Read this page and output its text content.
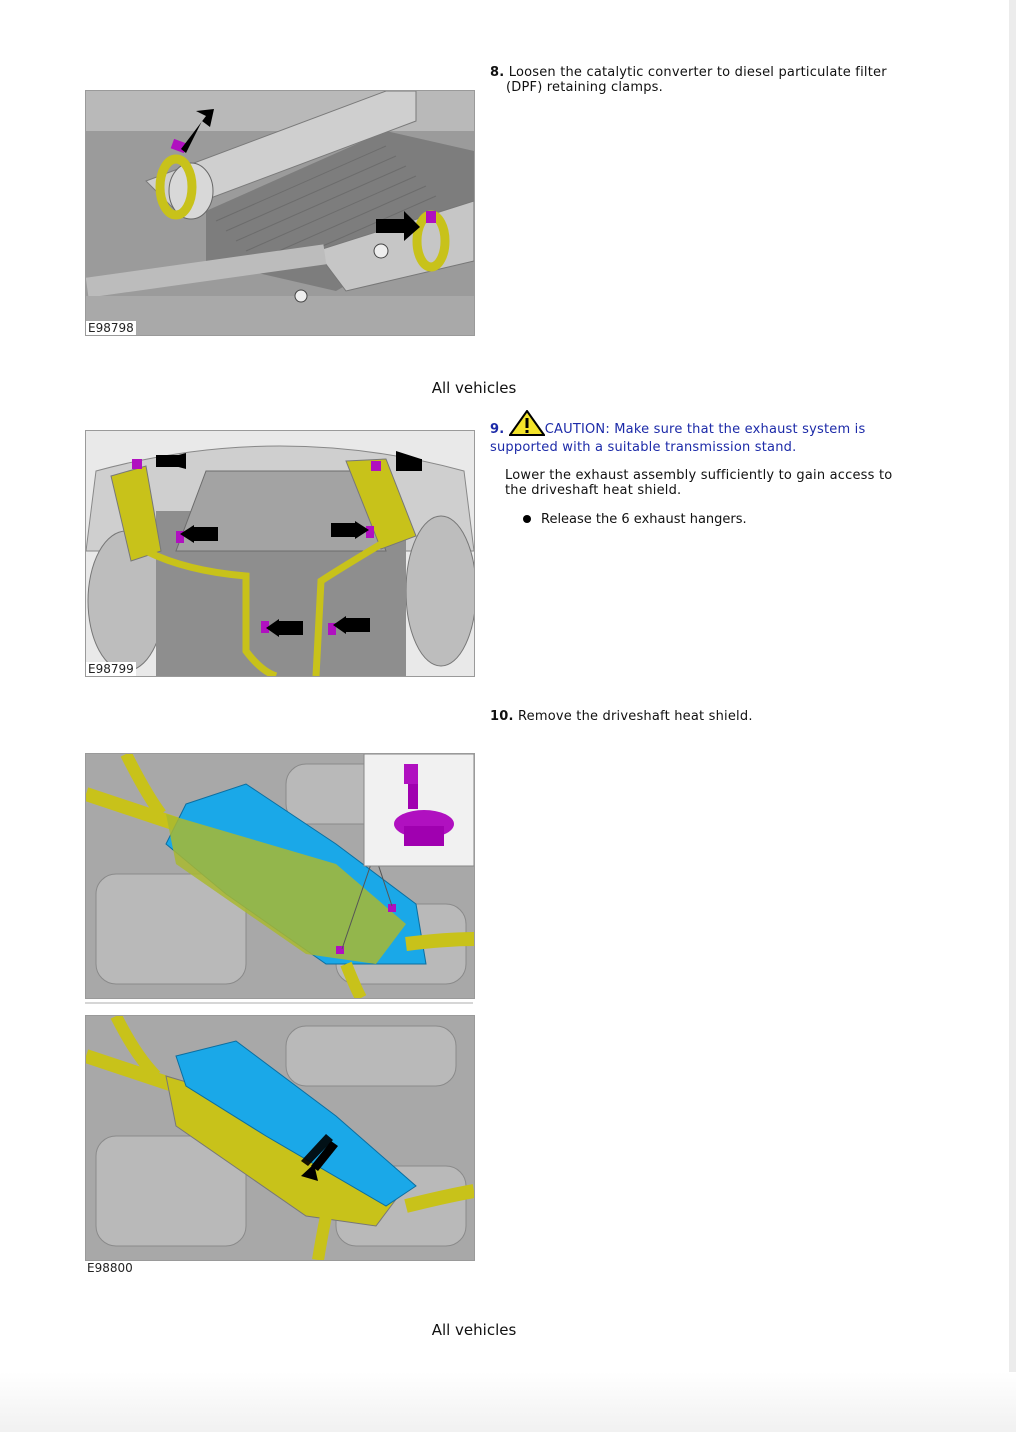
E98798
8. Loosen the catalytic converter to diesel particulate filter
(DPF) retaining clamps.
All vehicles
E98799
9.	CAUTION: Make sure that the exhaust system is
supported with a suitable transmission stand.
Lower the exhaust assembly sufficiently to gain access to
the driveshaft heat shield.
Release the 6 exhaust hangers.
10. Remove the driveshaft heat shield.
E98800
All vehicles
